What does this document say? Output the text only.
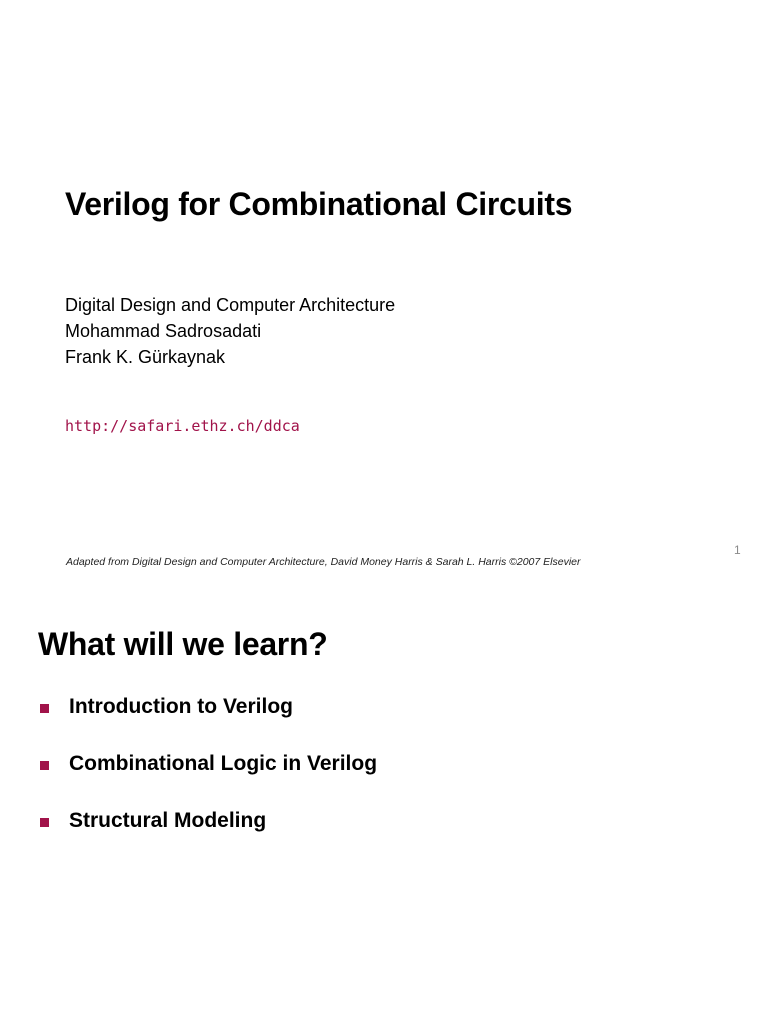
Verilog for Combinational Circuits
Digital Design and Computer Architecture
Mohammad Sadrosadati
Frank K. Gürkaynak
http://safari.ethz.ch/ddca
Adapted from Digital Design and Computer Architecture, David Money Harris & Sarah L. Harris ©2007 Elsevier
1
What will we learn?
Introduction to Verilog
Combinational Logic in Verilog
Structural Modeling
